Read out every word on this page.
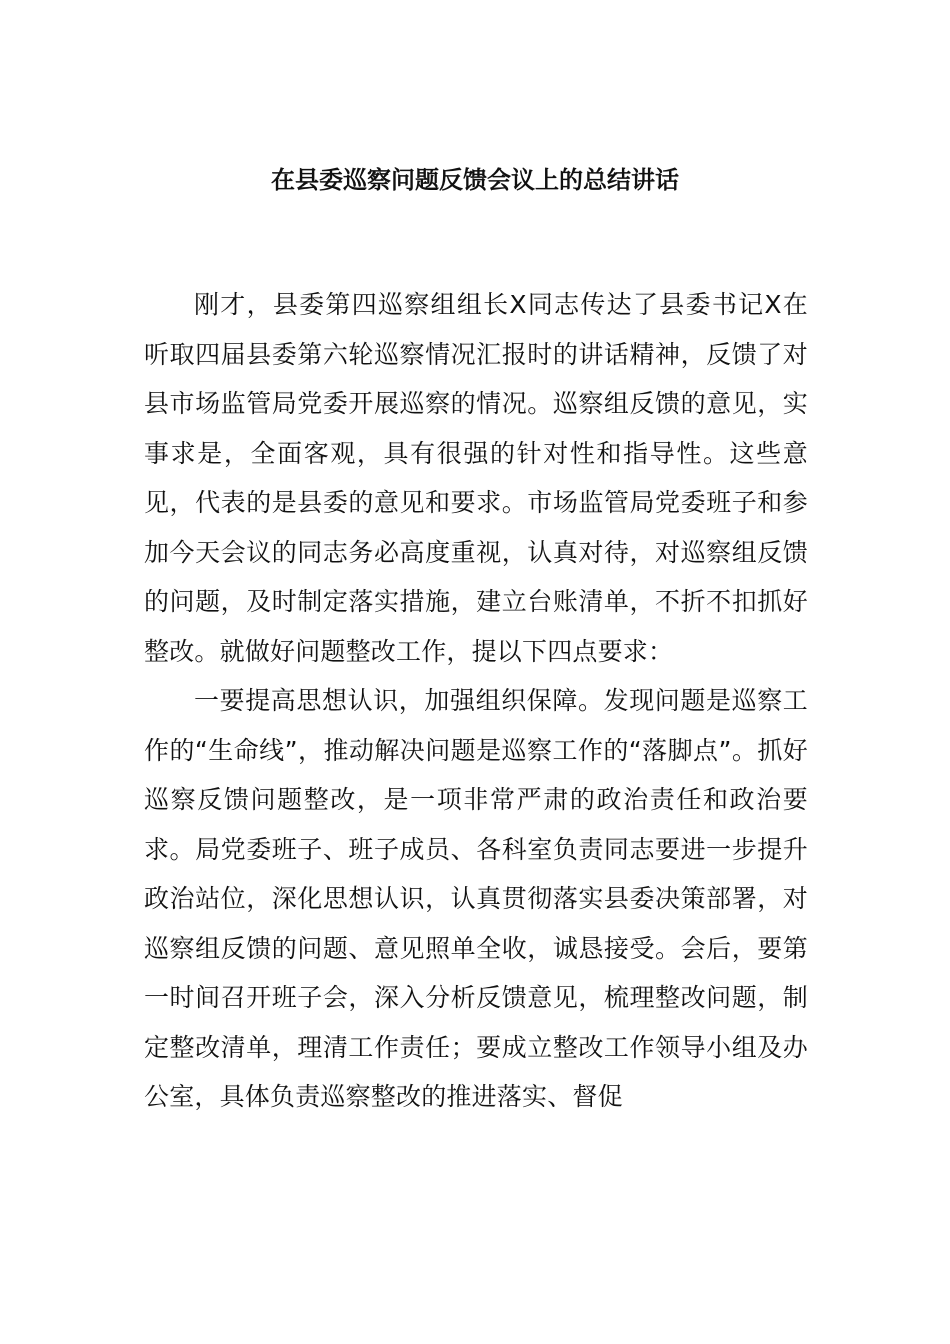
在县委巡察问题反馈会议上的总结讲话

刚才，县委第四巡察组组长X同志传达了县委书记X在听取四届县委第六轮巡察情况汇报时的讲话精神，反馈了对县市场监管局党委开展巡察的情况。巡察组反馈的意见，实事求是，全面客观，具有很强的针对性和指导性。这些意见，代表的是县委的意见和要求。市场监管局党委班子和参加今天会议的同志务必高度重视，认真对待，对巡察组反馈的问题，及时制定落实措施，建立台账清单，不折不扣抓好整改。就做好问题整改工作，提以下四点要求：

一要提高思想认识，加强组织保障。发现问题是巡察工作的“生命线”，推动解决问题是巡察工作的“落脚点”。抓好巡察反馈问题整改，是一项非常严肃的政治责任和政治要求。局党委班子、班子成员、各科室负责同志要进一步提升政治站位，深化思想认识，认真贯彻落实县委决策部署，对巡察组反馈的问题、意见照单全收，诚恳接受。会后，要第一时间召开班子会，深入分析反馈意见，梳理整改问题，制定整改清单，理清工作责任；要成立整改工作领导小组及办公室，具体负责巡察整改的推进落实、督促
